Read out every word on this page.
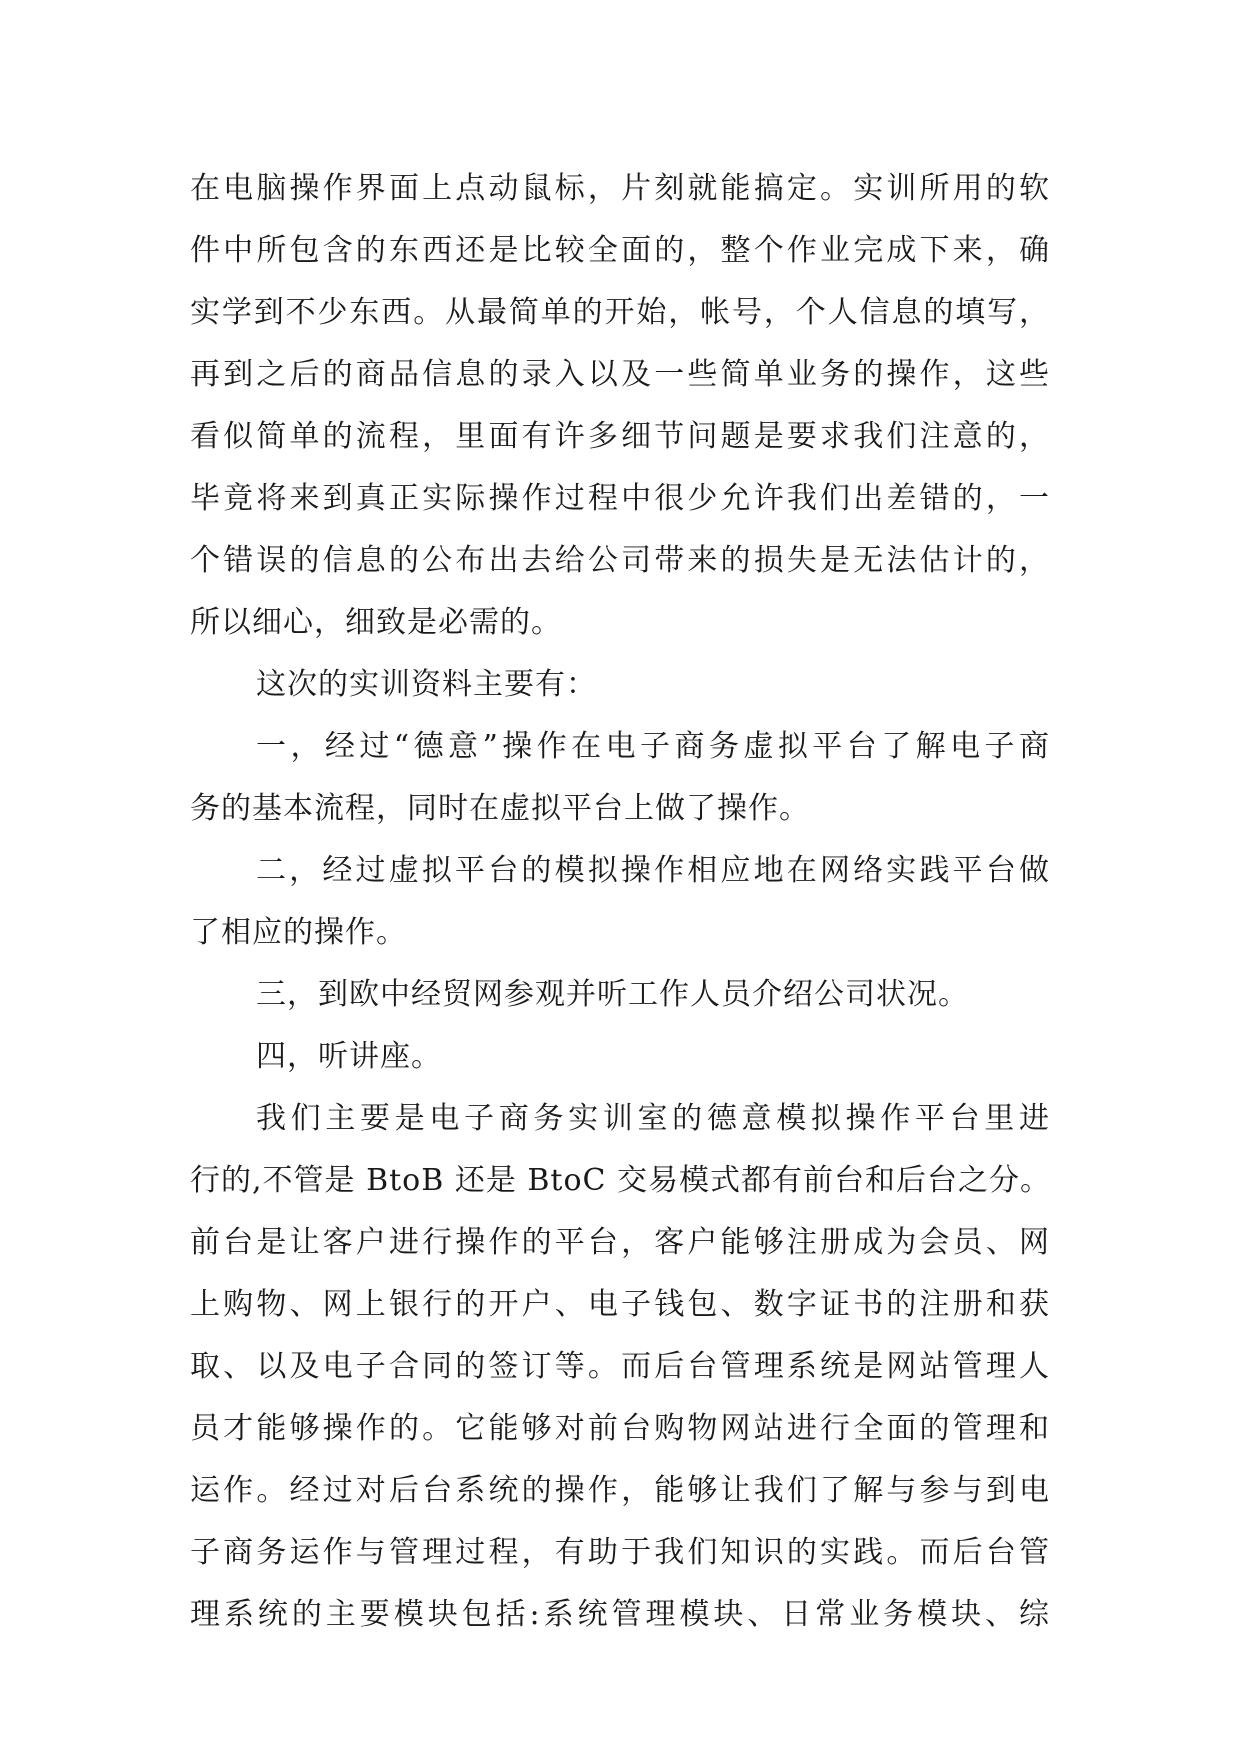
在电脑操作界面上点动鼠标，片刻就能搞定。实训所用的软
件中所包含的东西还是比较全面的，整个作业完成下来，确
实学到不少东西。从最简单的开始，帐号，个人信息的填写，
再到之后的商品信息的录入以及一些简单业务的操作，这些
看似简单的流程，里面有许多细节问题是要求我们注意的，
毕竟将来到真正实际操作过程中很少允许我们出差错的，一
个错误的信息的公布出去给公司带来的损失是无法估计的，
所以细心，细致是必需的。
这次的实训资料主要有：
一，经过“德意”操作在电子商务虚拟平台了解电子商
务的基本流程，同时在虚拟平台上做了操作。
二，经过虚拟平台的模拟操作相应地在网络实践平台做
了相应的操作。
三，到欧中经贸网参观并听工作人员介绍公司状况。
四，听讲座。
我们主要是电子商务实训室的德意模拟操作平台里进
行的,不管是 BtoB 还是 BtoC 交易模式都有前台和后台之分。
前台是让客户进行操作的平台，客户能够注册成为会员、网
上购物、网上银行的开户、电子钱包、数字证书的注册和获
取、以及电子合同的签订等。而后台管理系统是网站管理人
员才能够操作的。它能够对前台购物网站进行全面的管理和
运作。经过对后台系统的操作，能够让我们了解与参与到电
子商务运作与管理过程，有助于我们知识的实践。而后台管
理系统的主要模块包括:系统管理模块、日常业务模块、综
